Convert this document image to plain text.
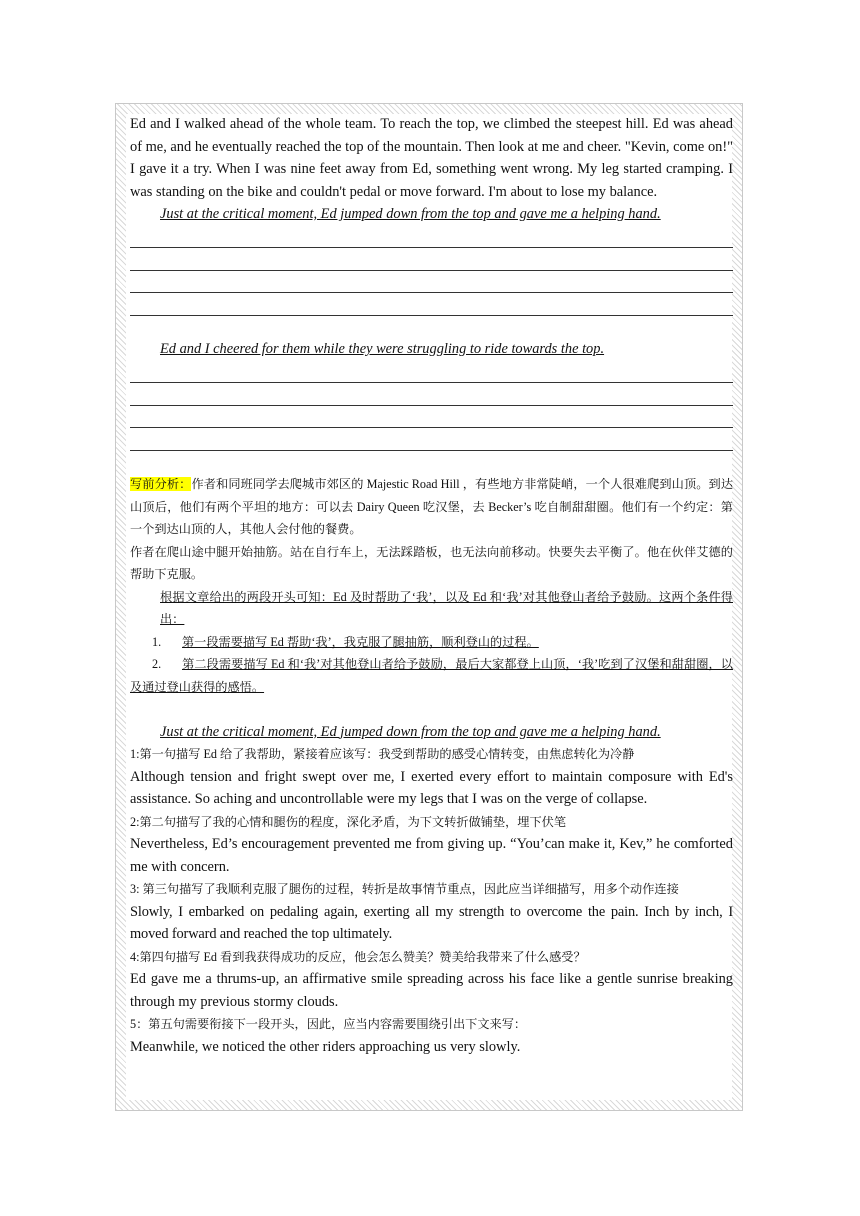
Ed and I walked ahead of the whole team. To reach the top, we climbed the steepest hill. Ed was ahead of me, and he eventually reached the top of the mountain. Then look at me and cheer. "Kevin, come on!" I gave it a try. When I was nine feet away from Ed, something went wrong. My leg started cramping. I was standing on the bike and couldn't pedal or move forward. I'm about to lose my balance.

Just at the critical moment, Ed jumped down from the top and gave me a helping hand.

Ed and I cheered for them while they were struggling to ride towards the top.

写前分析：作者和同班同学去爬城市郊区的 Majestic Road Hill ，有些地方非常陡峭，一个人很难爬到山顶。到达山顶后，他们有两个平坦的地方：可以去 Dairy Queen 吃汉堡，去 Becker’s 吃自制甜甜圈。他们有一个约定：第一个到达山顶的人，其他人会付他的餐费。

作者在爬山途中腿开始抽筋。站在自行车上，无法踩踏板，也无法向前移动。快要失去平衡了。他在伙伴艾德的帮助下克服。

根据文章给出的两段开头可知：Ed 及时帮助了‘我’，以及 Ed 和‘我’对其他登山者给予鼓励。这两个条件得出：

1. 第一段需要描写 Ed 帮助‘我’，我克服了腿抽筋，顺利登山的过程。

2. 第二段需要描写 Ed 和‘我’对其他登山者给予鼓励，最后大家都登上山顶，‘我’吃到了汉堡和甜甜圈，以及通过登山获得的感悟。

Just at the critical moment, Ed jumped down from the top and gave me a helping hand.

1:第一句描写 Ed 给了我帮助，紧接着应该写：我受到帮助的感受心情转变，由焦虑转化为冷静

Although tension and fright swept over me, I exerted every effort to maintain composure with Ed's assistance. So aching and uncontrollable were my legs that I was on the verge of collapse.

2:第二句描写了我的心情和腿伤的程度，深化矛盾，为下文转折做铺垫，埋下伏笔

Nevertheless, Ed’s encouragement prevented me from giving up. “You’can make it, Kev,” he comforted me with concern.

3: 第三句描写了我顺利克服了腿伤的过程，转折是故事情节重点，因此应当详细描写，用多个动作连接

Slowly, I embarked on pedaling again, exerting all my strength to overcome the pain. Inch by inch, I moved forward and reached the top ultimately.

4:第四句描写 Ed 看到我获得成功的反应，他会怎么赞美？赞美给我带来了什么感受？

Ed gave me a thrums-up, an affirmative smile spreading across his face like a gentle sunrise breaking through my previous stormy clouds.

5：第五句需要衔接下一段开头，因此，应当内容需要围绕引出下文来写：

Meanwhile, we noticed the other riders approaching us very slowly.
